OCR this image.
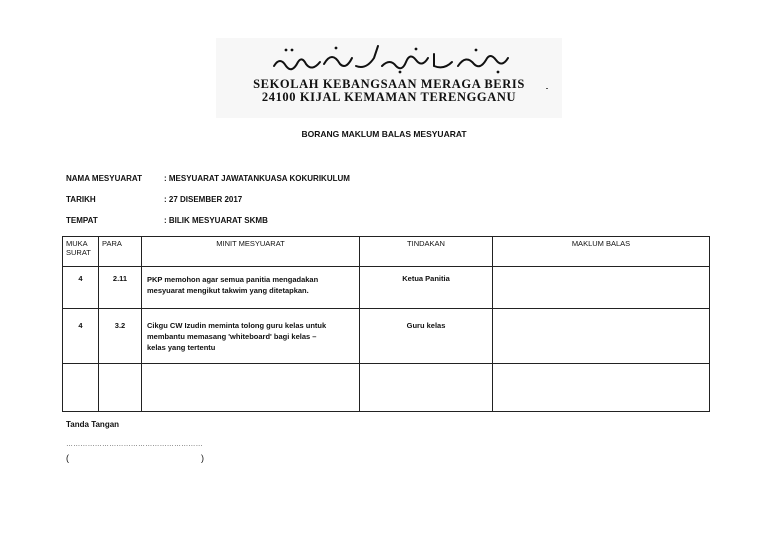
SEKOLAH KEBANGSAAN MERAGA BERIS
24100 KIJAL KEMAMAN TERENGGANU
BORANG MAKLUM BALAS MESYUARAT
NAMA MESYUARAT	: MESYUARAT JAWATANKUASA KOKURIKULUM
TARIKH	: 27 DISEMBER 2017
TEMPAT	: BILIK MESYUARAT SKMB
MUKA
SURAT	PARA	MINIT MESYUARAT	TINDAKAN	MAKLUM BALAS
4	2.11	PKP memohon agar semua panitia mengadakan
mesyuarat mengikut takwim yang ditetapkan.	Ketua Panitia	
4	3.2	Cikgu CW Izudin meminta tolong guru kelas untuk
membantu memasang 'whiteboard' bagi kelas –
kelas yang tertentu	Guru kelas	

Tanda Tangan
…………………………………………………
(	)
